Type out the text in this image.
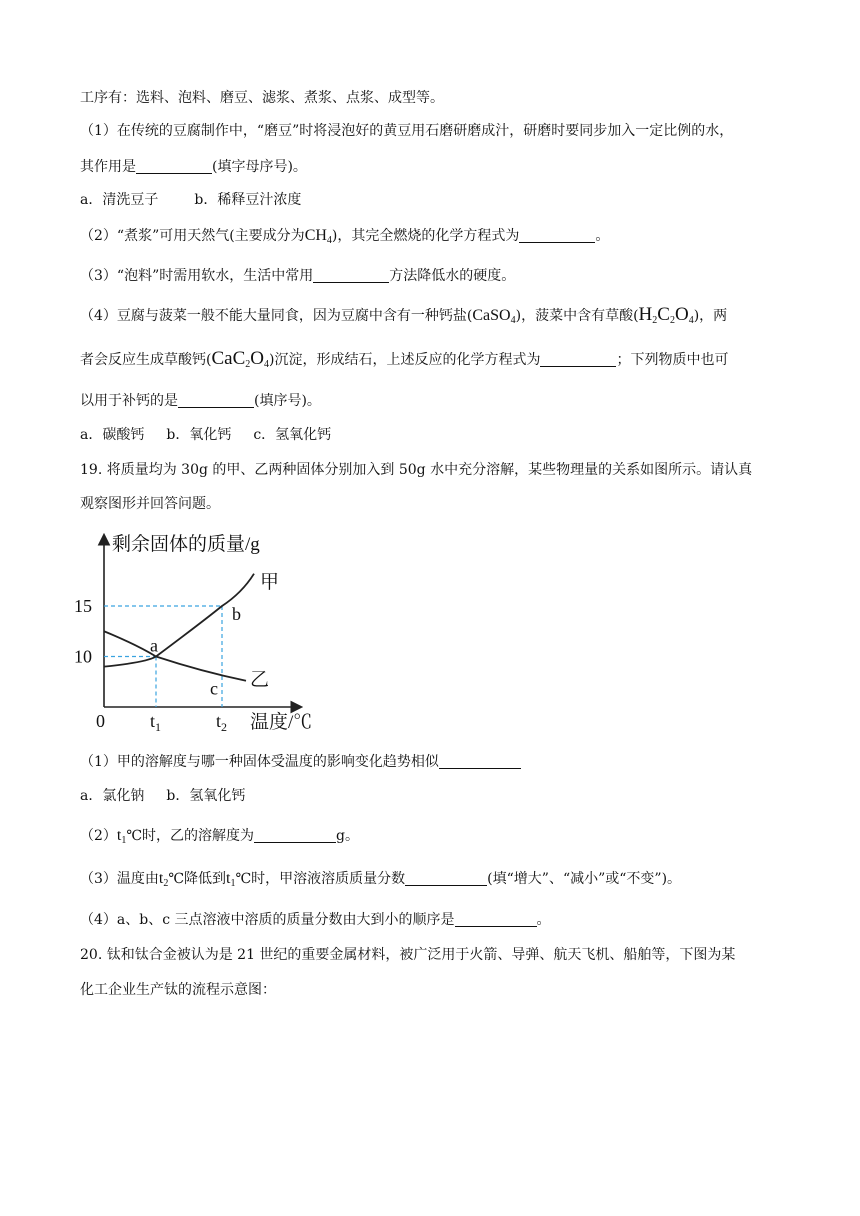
工序有：选料、泡料、磨豆、滤浆、煮浆、点浆、成型等。
（1）在传统的豆腐制作中，“磨豆”时将浸泡好的黄豆用石磨研磨成汁，研磨时要同步加入一定比例的水，
其作用是	(填字母序号)。
a．清洗豆子	b．稀释豆汁浓度
（2）“煮浆”可用天然气(主要成分为$CH_4$)，其完全燃烧的化学方程式为	。
（3）“泡料”时需用软水，生活中常用	方法降低水的硬度。
（4）豆腐与菠菜一般不能大量同食，因为豆腐中含有一种钙盐(CaSO$_4$)，菠菜中含有草酸$(H_2C_2O_4)$，两
者会反应生成草酸钙$(CaC_2O_4)$沉淀，形成结石，上述反应的化学方程式为	；下列物质中也可
以用于补钙的是	(填序号)。
a．碳酸钙 b．氧化钙 c．氢氧化钙
19. 将质量均为 30g 的甲、乙两种固体分别加入到 50g 水中充分溶解，某些物理量的关系如图所示。请认真
观察图形并回答问题。
剩余固体的质量/g
15
10
0	$t_1$	$t_2$ 温度/℃
甲
乙
a
b
c
（1）甲的溶解度与哪一种固体受温度的影响变化趋势相似
a．氯化钠 b．氢氧化钙
$(2)t_1℃$时，乙的溶解度为	g。
（3）温度由$t_2℃$降低到$t_1℃$时，甲溶液溶质质量分数	(填“增大”、“减小”或“不变”)。
（4）a、b、c 三点溶液中溶质的质量分数由大到小的顺序是	。
20. 钛和钛合金被认为是 21 世纪的重要金属材料，被广泛用于火箭、导弹、航天飞机、船舶等，下图为某
化工企业生产钛的流程示意图：
